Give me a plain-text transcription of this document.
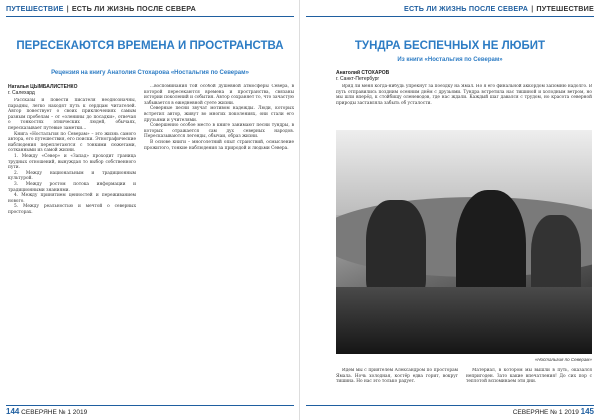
ПУТЕШЕСТВИЕ | ЕСТЬ ЛИ ЖИЗНЬ ПОСЛЕ СЕВЕРА
ПЕРЕСЕКАЮТСЯ ВРЕМЕНА И ПРОСТРАНСТВА
Рецензия на книгу Анатолия Стохарова «Ностальгия по Северам»
Наталья ЦЫМБАЛИСТЕНКО
г. Салехард

Рассказы и повести писателя неоднозначны, парадны, легко находят путь к сердцам читателей. Автор повествует о своих приключениях самым разным пробелам – от «оленины до посадки», отвечая о тонкостях этнических людей, обычаях, пересказывает путевые заметки...

Книга «Ностальгия по Северам» – это жизнь самого автора, его путешествия, его поиски. Этнографические наблюдения переплетаются с тонкими сюжетами, сотканными из самой жизни.

1. Между «Север» и «Запад» проходит граница трудных отношений, вынуждая то выбор собственного пути.

2. Между национальным и традиционным культурой.

3. Между ростом потока информации и традиционными знаниями.

4. Между принятием ценностей и переживанием нового.

5. Между реальностью и мечтой о северных просторах.

...воспоминания той особой душевной атмосферы Севера, в которой пересекаются времена и пространства, связаны истории поколений и события. Автор сохраняет то, что зачастую забывается в ежедневной суете жизни.

Северные песни звучат мотивом надежды. Люди, которых встретил автор, живут во многих поколениях, они стали его друзьями и учителями.

Совершенно особое место в книге занимают песни тундры, в которых отражается сам дух северных народов. Пересказываются легенды, обычаи, образ жизни.

В основе книги – многолетний опыт странствий, осмысление прожитого, тонкие наблюдения за природой и людьми Севера.

144 СЕВЕРЯНЕ № 1 2019
ЕСТЬ ЛИ ЖИЗНЬ ПОСЛЕ СЕВЕРА | ПУТЕШЕСТВИЕ
ТУНДРА БЕСПЕЧНЫХ НЕ ЛЮБИТ
Из книги «Ностальгия по Северам»
Анатолий СТОХАРОВ
г. Санкт-Петербург

Вряд ли меня когда-нибудь упрекнут за поездку на Ямал. Но я его финальной аккордом запомню надолго. В путь отправились поздним осенним днём с друзьями. Тундра встретила нас тишиной и холодным ветром, но мы шли вперёд, к стойбищу оленеводов, где нас ждали. Каждый шаг давался с трудом, но красота северной природы заставляла забыть об усталости.

«Ностальгия по Северам»

Идём мы с приятелем Александром по просторам Ямала. Ночь холодная, костёр едва горит, вокруг тишина. Но нас это только радует.

Материал, в котором мы вышли в путь, оказался непригоден. Зато какие впечатления! До сих пор с теплотой вспоминаем эти дни.

СЕВЕРЯНЕ № 1 2019 145
